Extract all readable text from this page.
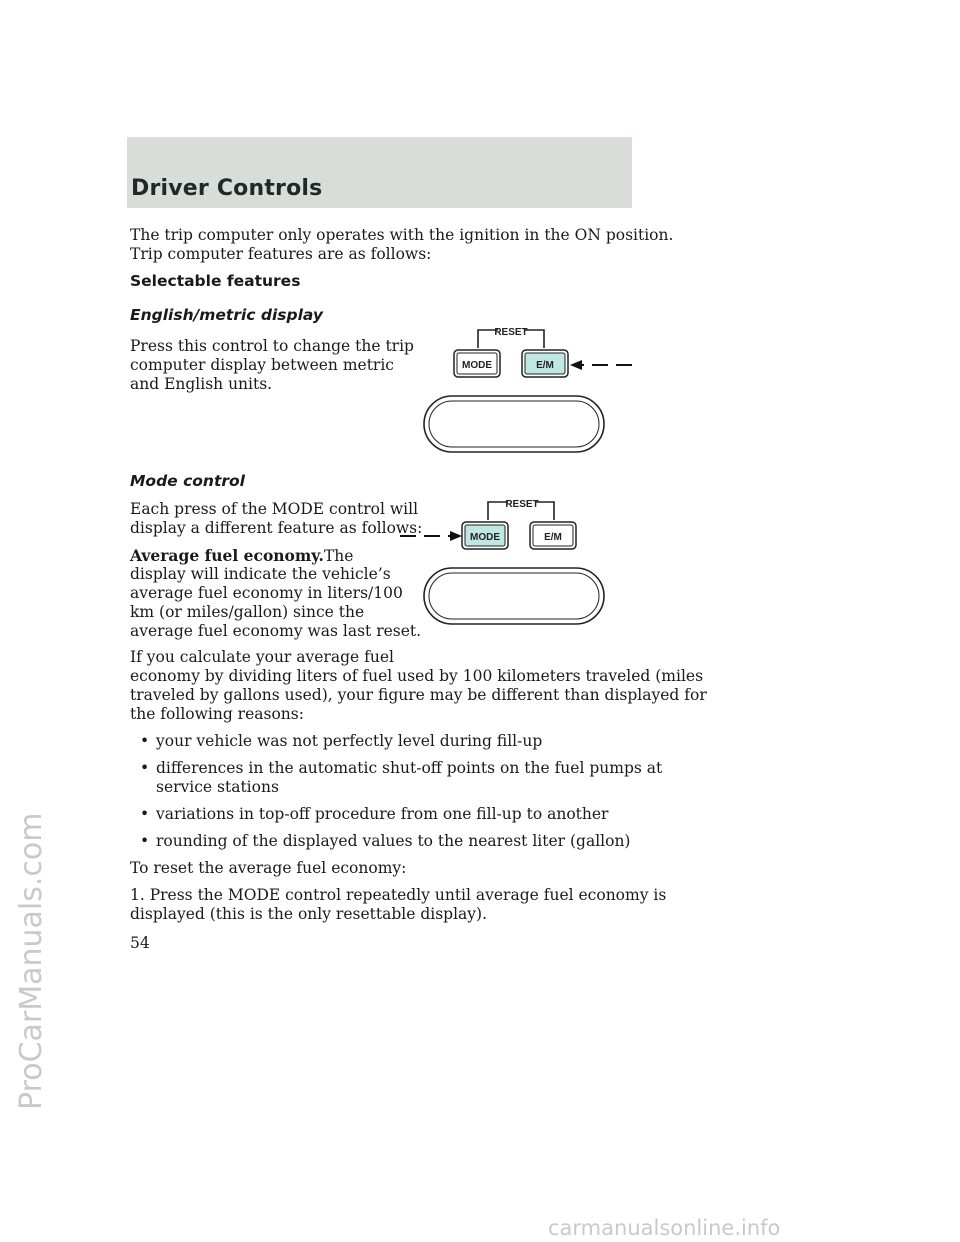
Driver Controls

The trip computer only operates with the ignition in the ON position.

Trip computer features are as follows:

Selectable features

English/metric display

Press this control to change the trip

computer display between metric

and English units.

RESET
MODE	E/M

Mode control

Each press of the MODE control will

display a different feature as follows:

Average fuel economy.The

display will indicate the vehicle’s

average fuel economy in liters/100

km (or miles/gallon) since the

average fuel economy was last reset.

RESET
MODE	E/M

If you calculate your average fuel

economy by dividing liters of fuel used by 100 kilometers traveled (miles

traveled by gallons used), your figure may be different than displayed for

the following reasons:

• your vehicle was not perfectly level during fill-up
• differences in the automatic shut-off points on the fuel pumps at
service stations
• variations in top-off procedure from one fill-up to another
• rounding of the displayed values to the nearest liter (gallon)

To reset the average fuel economy:

1. Press the MODE control repeatedly until average fuel economy is

displayed (this is the only resettable display).

54
ProCarManuals.com
carmanualsonline.info
